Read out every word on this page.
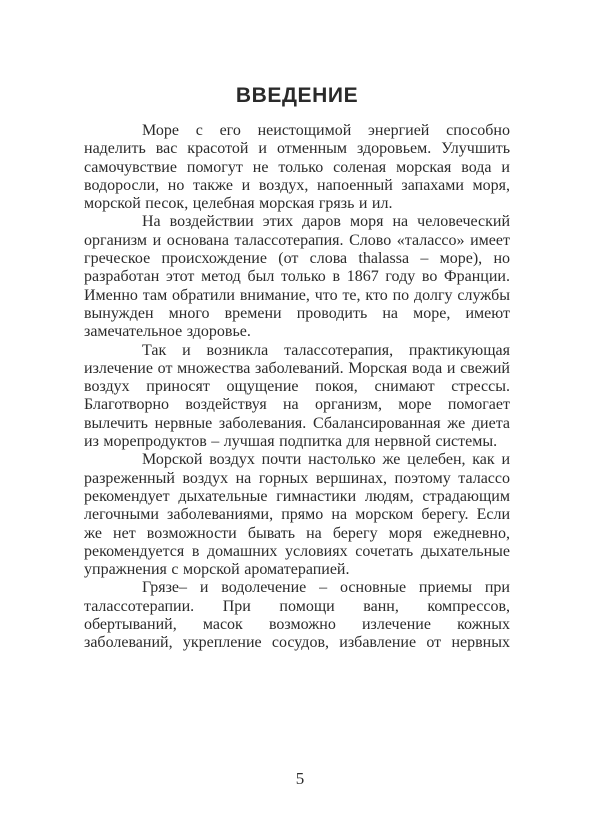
ВВЕДЕНИЕ

Море с его неистощимой энергией способно наделить вас красотой и отменным здоровьем. Улучшить самочувствие помогут не только соленая морская вода и водоросли, но также и воздух, напоенный запахами моря, морской песок, целебная морская грязь и ил.

На воздействии этих даров моря на человеческий организм и основана талассотерапия. Слово «талассо» имеет греческое происхождение (от слова thalassa – море), но разработан этот метод был только в 1867 году во Франции. Именно там обратили внимание, что те, кто по долгу службы вынужден много времени проводить на море, имеют замечательное здоровье.

Так и возникла талассотерапия, практикующая излечение от множества заболеваний. Морская вода и свежий воздух приносят ощущение покоя, снимают стрессы. Благотворно воздействуя на организм, море помогает вылечить нервные заболевания. Сбалансированная же диета из морепродуктов – лучшая подпитка для нервной системы.

Морской воздух почти настолько же целебен, как и разреженный воздух на горных вершинах, поэтому талассо рекомендует дыхательные гимнастики людям, страдающим легочными заболеваниями, прямо на морском берегу. Если же нет возможности бывать на берегу моря ежедневно, рекомендуется в домашних условиях сочетать дыхательные упражнения с морской ароматерапией.

Грязе– и водолечение – основные приемы при талассотерапии. При помощи ванн, компрессов, обертываний, масок возможно излечение кожных заболеваний, укрепление сосудов, избавление от нервных

5
